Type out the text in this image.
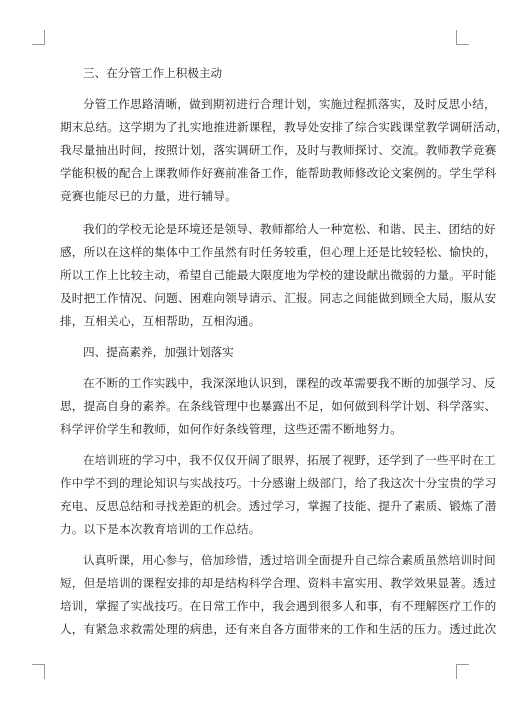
三、在分管工作上积极主动

分管工作思路清晰，做到期初进行合理计划，实施过程抓落实，及时反思小结，
期末总结。这学期为了扎实地推进新课程，教导处安排了综合实践课堂教学调研活动，
我尽量抽出时间，按照计划，落实调研工作，及时与教师探讨、交流。教师教学竞赛
学能积极的配合上课教师作好赛前准备工作，能帮助教师修改论文案例的。学生学科
竞赛也能尽已的力量，进行辅导。
我们的学校无论是环境还是领导、教师都给人一种宽松、和谐、民主、团结的好
感，所以在这样的集体中工作虽然有时任务较重，但心理上还是比较轻松、愉快的，
所以工作上比较主动，希望自己能最大限度地为学校的建设献出微弱的力量。平时能
及时把工作情况、问题、困难向领导请示、汇报。同志之间能做到顾全大局，服从安
排，互相关心，互相帮助，互相沟通。

四、提高素养，加强计划落实

在不断的工作实践中，我深深地认识到，课程的改革需要我不断的加强学习、反
思，提高自身的素养。在条线管理中也暴露出不足，如何做到科学计划、科学落实、
科学评价学生和教师，如何作好条线管理，这些还需不断地努力。
在培训班的学习中，我不仅仅开阔了眼界，拓展了视野，还学到了一些平时在工
作中学不到的理论知识与实战技巧。十分感谢上级部门，给了我这次十分宝贵的学习
充电、反思总结和寻找差距的机会。透过学习，掌握了技能、提升了素质、锻炼了潜
力。以下是本次教育培训的工作总结。
认真听课，用心参与，倍加珍惜，透过培训全面提升自己综合素质虽然培训时间
短，但是培训的课程安排的却是结构科学合理、资料丰富实用、教学效果显著。透过
培训，掌握了实战技巧。在日常工作中，我会遇到很多人和事，有不理解医疗工作的
人，有紧急求救需处理的病患，还有来自各方面带来的工作和生活的压力。透过此次
